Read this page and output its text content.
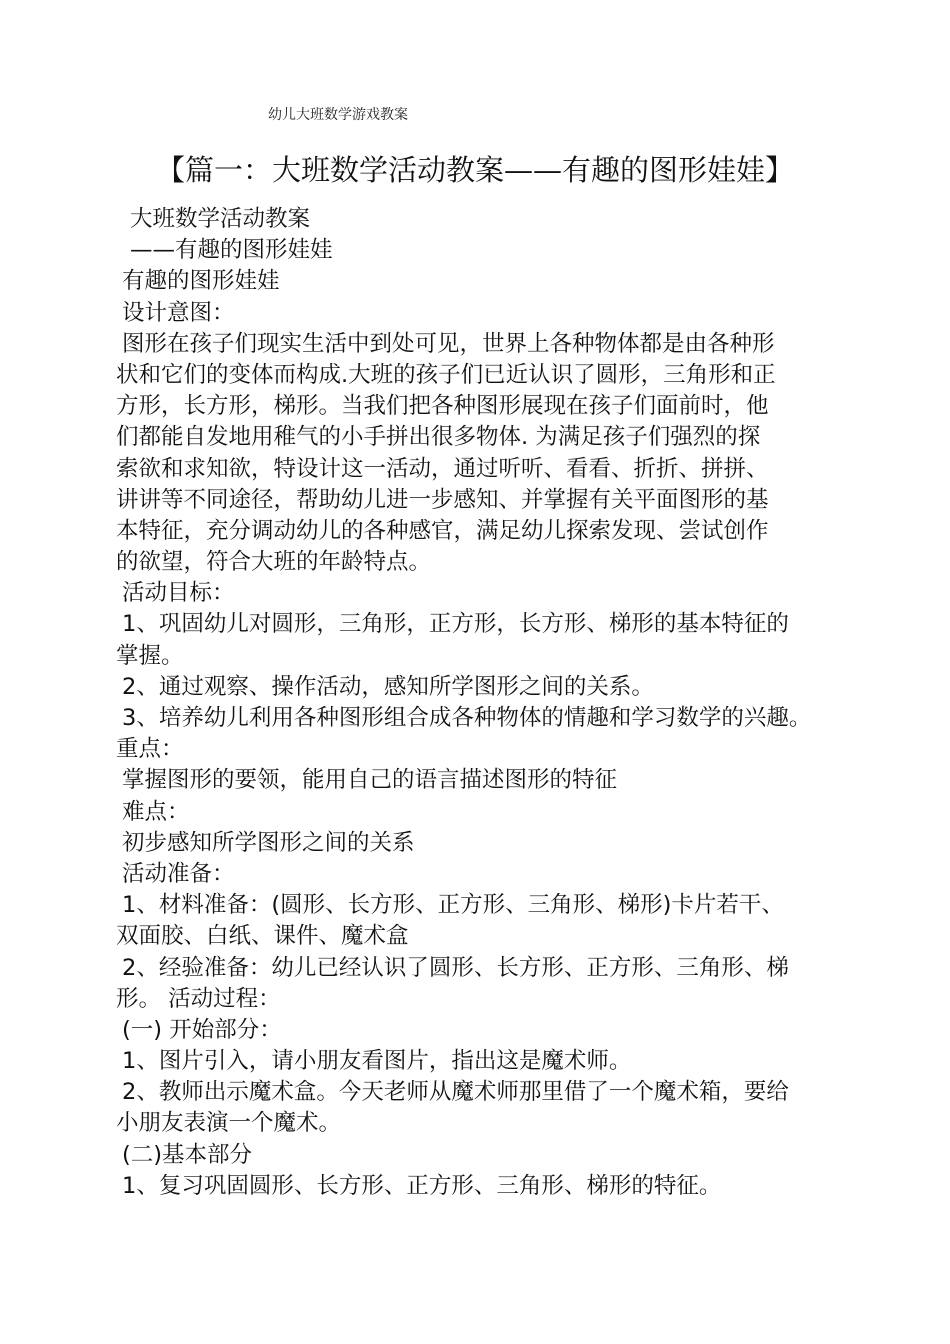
幼儿大班数学游戏教案
【篇一：大班数学活动教案——有趣的图形娃娃】
大班数学活动教案
——有趣的图形娃娃
有趣的图形娃娃
设计意图：
图形在孩子们现实生活中到处可见，世界上各种物体都是由各种形
状和它们的变体而构成.大班的孩子们已近认识了圆形，三角形和正
方形，长方形，梯形。当我们把各种图形展现在孩子们面前时，他
们都能自发地用稚气的小手拼出很多物体. 为满足孩子们强烈的探
索欲和求知欲，特设计这一活动，通过听听、看看、折折、拼拼、
讲讲等不同途径，帮助幼儿进一步感知、并掌握有关平面图形的基
本特征，充分调动幼儿的各种感官，满足幼儿探索发现、尝试创作
的欲望，符合大班的年龄特点。
活动目标：
1、巩固幼儿对圆形，三角形，正方形，长方形、梯形的基本特征的
掌握。
2、通过观察、操作活动，感知所学图形之间的关系。
3、培养幼儿利用各种图形组合成各种物体的情趣和学习数学的兴趣。
重点：
掌握图形的要领，能用自己的语言描述图形的特征
难点：
初步感知所学图形之间的关系
活动准备：
1、材料准备：(圆形、长方形、正方形、三角形、梯形)卡片若干、
双面胶、白纸、课件、魔术盒
2、经验准备：幼儿已经认识了圆形、长方形、正方形、三角形、梯
形。 活动过程：
(一) 开始部分：
1、图片引入，请小朋友看图片，指出这是魔术师。
2、教师出示魔术盒。今天老师从魔术师那里借了一个魔术箱，要给
小朋友表演一个魔术。
(二)基本部分
1、复习巩固圆形、长方形、正方形、三角形、梯形的特征。
